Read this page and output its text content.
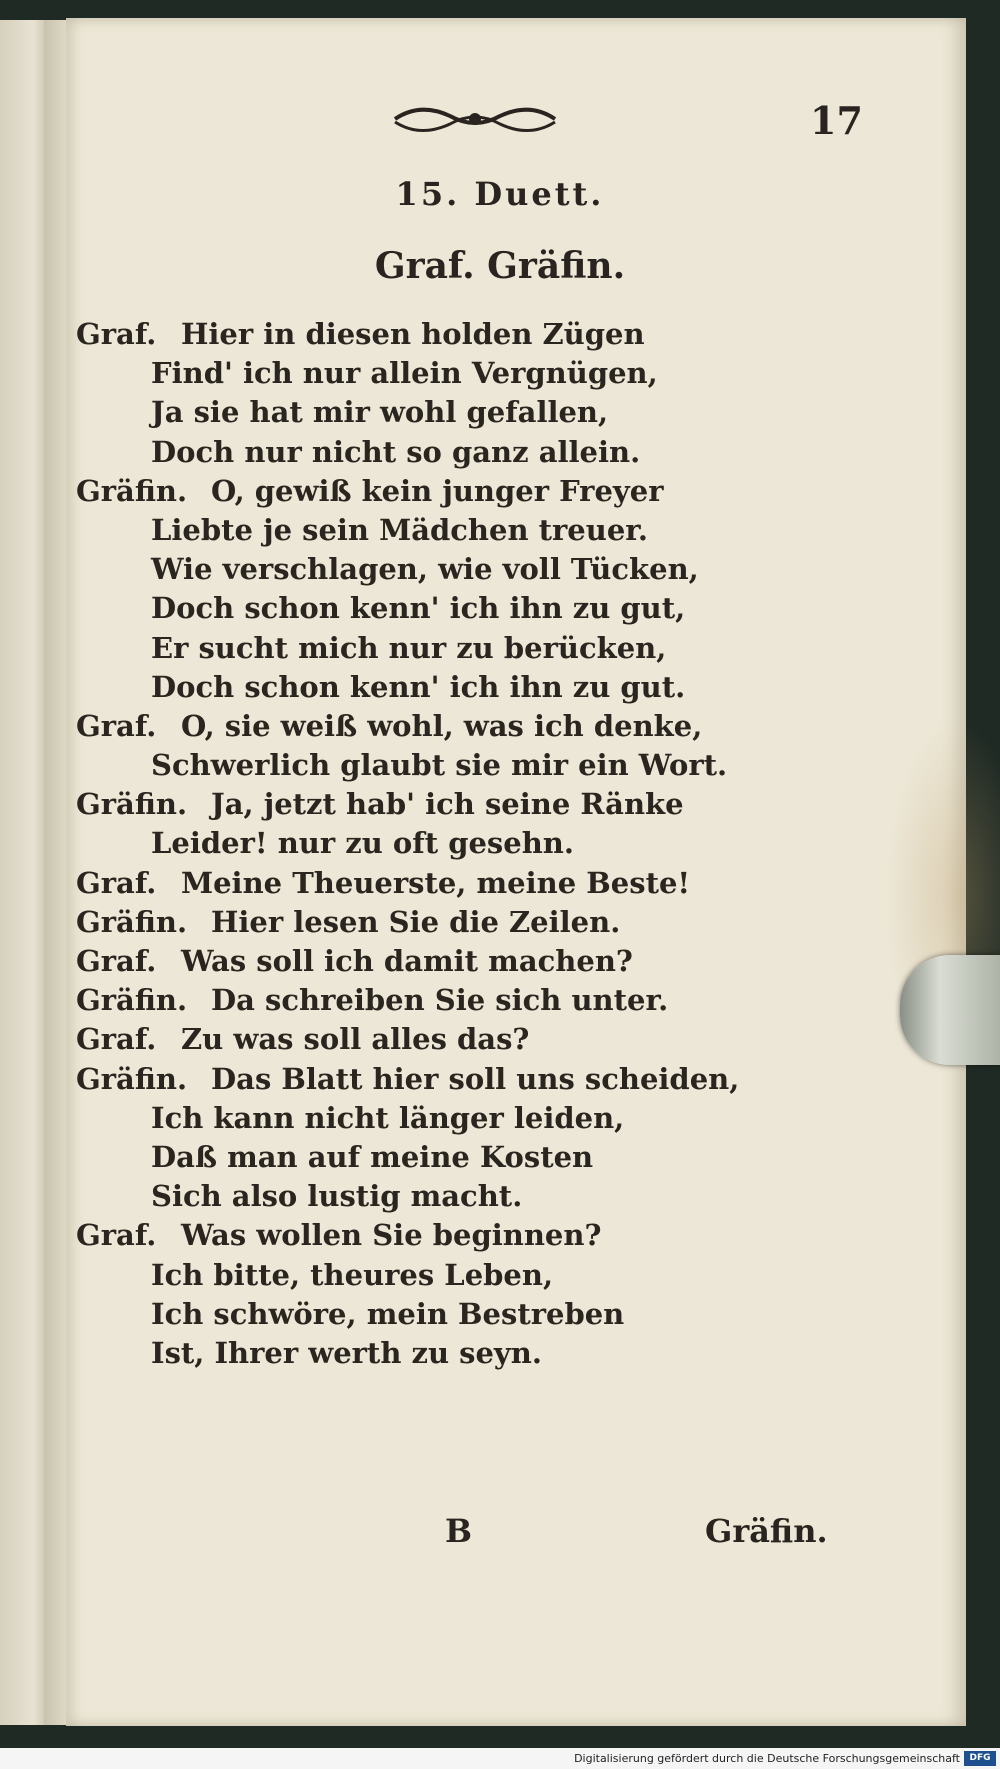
17
15. Duett.
Graf. Gräfin.
Graf. Hier in diesen holden Zügen
Find' ich nur allein Vergnügen,
Ja sie hat mir wohl gefallen,
Doch nur nicht so ganz allein.
Gräfin. O, gewiß kein junger Freyer
Liebte je sein Mädchen treuer.
Wie verschlagen, wie voll Tücken,
Doch schon kenn' ich ihn zu gut,
Er sucht mich nur zu berücken,
Doch schon kenn' ich ihn zu gut.
Graf. O, sie weiß wohl, was ich denke,
Schwerlich glaubt sie mir ein Wort.
Gräfin. Ja, jetzt hab' ich seine Ränke
Leider! nur zu oft gesehn.
Graf. Meine Theuerste, meine Beste!
Gräfin. Hier lesen Sie die Zeilen.
Graf. Was soll ich damit machen?
Gräfin. Da schreiben Sie sich unter.
Graf. Zu was soll alles das?
Gräfin. Das Blatt hier soll uns scheiden,
Ich kann nicht länger leiden,
Daß man auf meine Kosten
Sich also lustig macht.
Graf. Was wollen Sie beginnen?
Ich bitte, theures Leben,
Ich schwöre, mein Bestreben
Ist, Ihrer werth zu seyn.
B	Gräfin.
Digitalisierung gefördert durch die Deutsche Forschungsgemeinschaft	DFG
